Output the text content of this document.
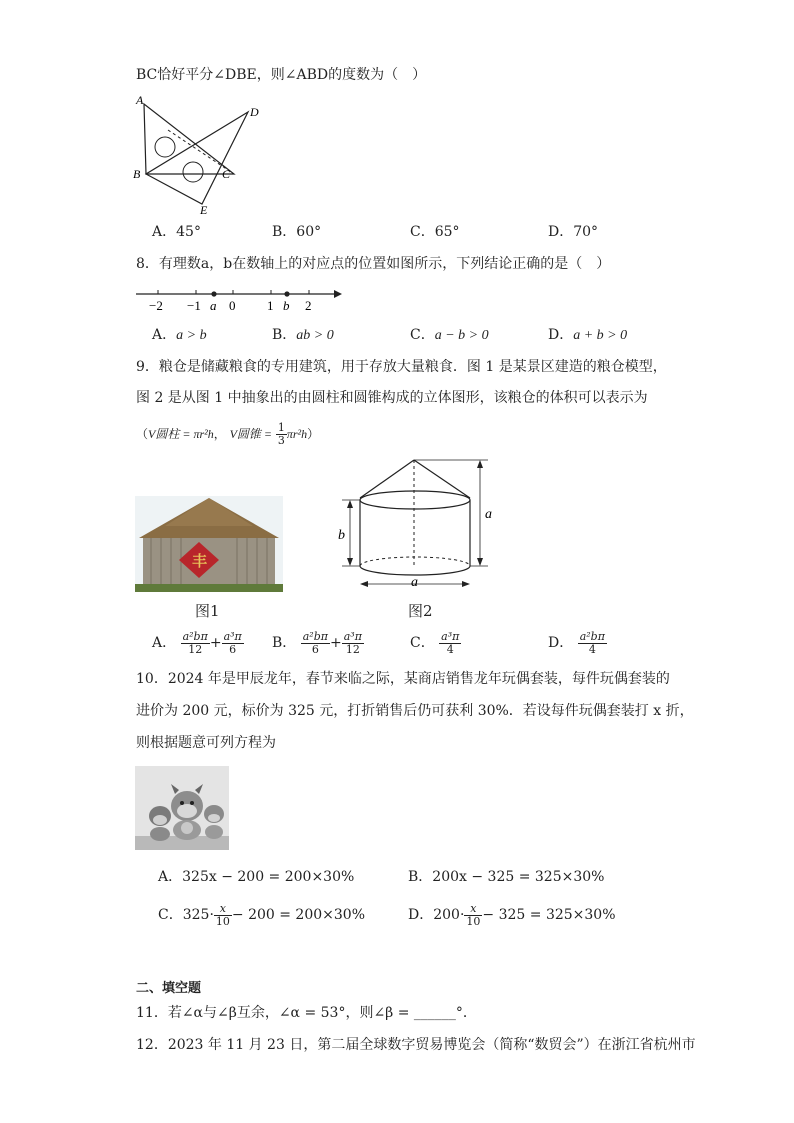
BC恰好平分∠DBE，则∠ABD的度数为（　）
A
D
B	C
E
A．45°	B．60°	C．65°	D．70°
8．有理数a，b在数轴上的对应点的位置如图所示，下列结论正确的是（　）
−2 −1 0 1 2
a	b
A．a > b	B．ab > 0	C．a − b > 0	D．a + b > 0
9．粮仓是储藏粮食的专用建筑，用于存放大量粮食．图 1 是某景区建造的粮仓模型，
图 2 是从图 1 中抽象出的由圆柱和圆锥构成的立体图形，该粮仓的体积可以表示为
（V圆柱 = πr²h， V圆锥 = $\frac{1}{3} \pi r^2h$）
丰
图1
a
b
a
图2
A． $\frac{\text{a²bπ}}{12} + \frac{\text{a³π}}{6}$ B． $\frac{\text{a²bπ}}{6} + \frac{\text{a³π}}{12}$	C． $\frac{\text{a³π}}{4}$	D． $\frac{\text{a²bπ}}{4}$
10．2024 年是甲辰龙年，春节来临之际，某商店销售龙年玩偶套装，每件玩偶套装的
进价为 200 元，标价为 325 元，打折销售后仍可获利 30%．若设每件玩偶套装打 x 折，
则根据题意可列方程为
A．325x − 200 = 200×30%	B．200x − 325 = 325×30%
C．$325\cdot \frac{x}{10} - 200 = 200\times 30\%$	D．$200\cdot \frac{x}{10} - 325 = 325\times 30\%$
二、填空题
11．若∠α与∠β互余，∠α = 53°，则∠β = ______°．
12．2023 年 11 月 23 日，第二届全球数字贸易博览会（简称“数贸会”）在浙江省杭州市
